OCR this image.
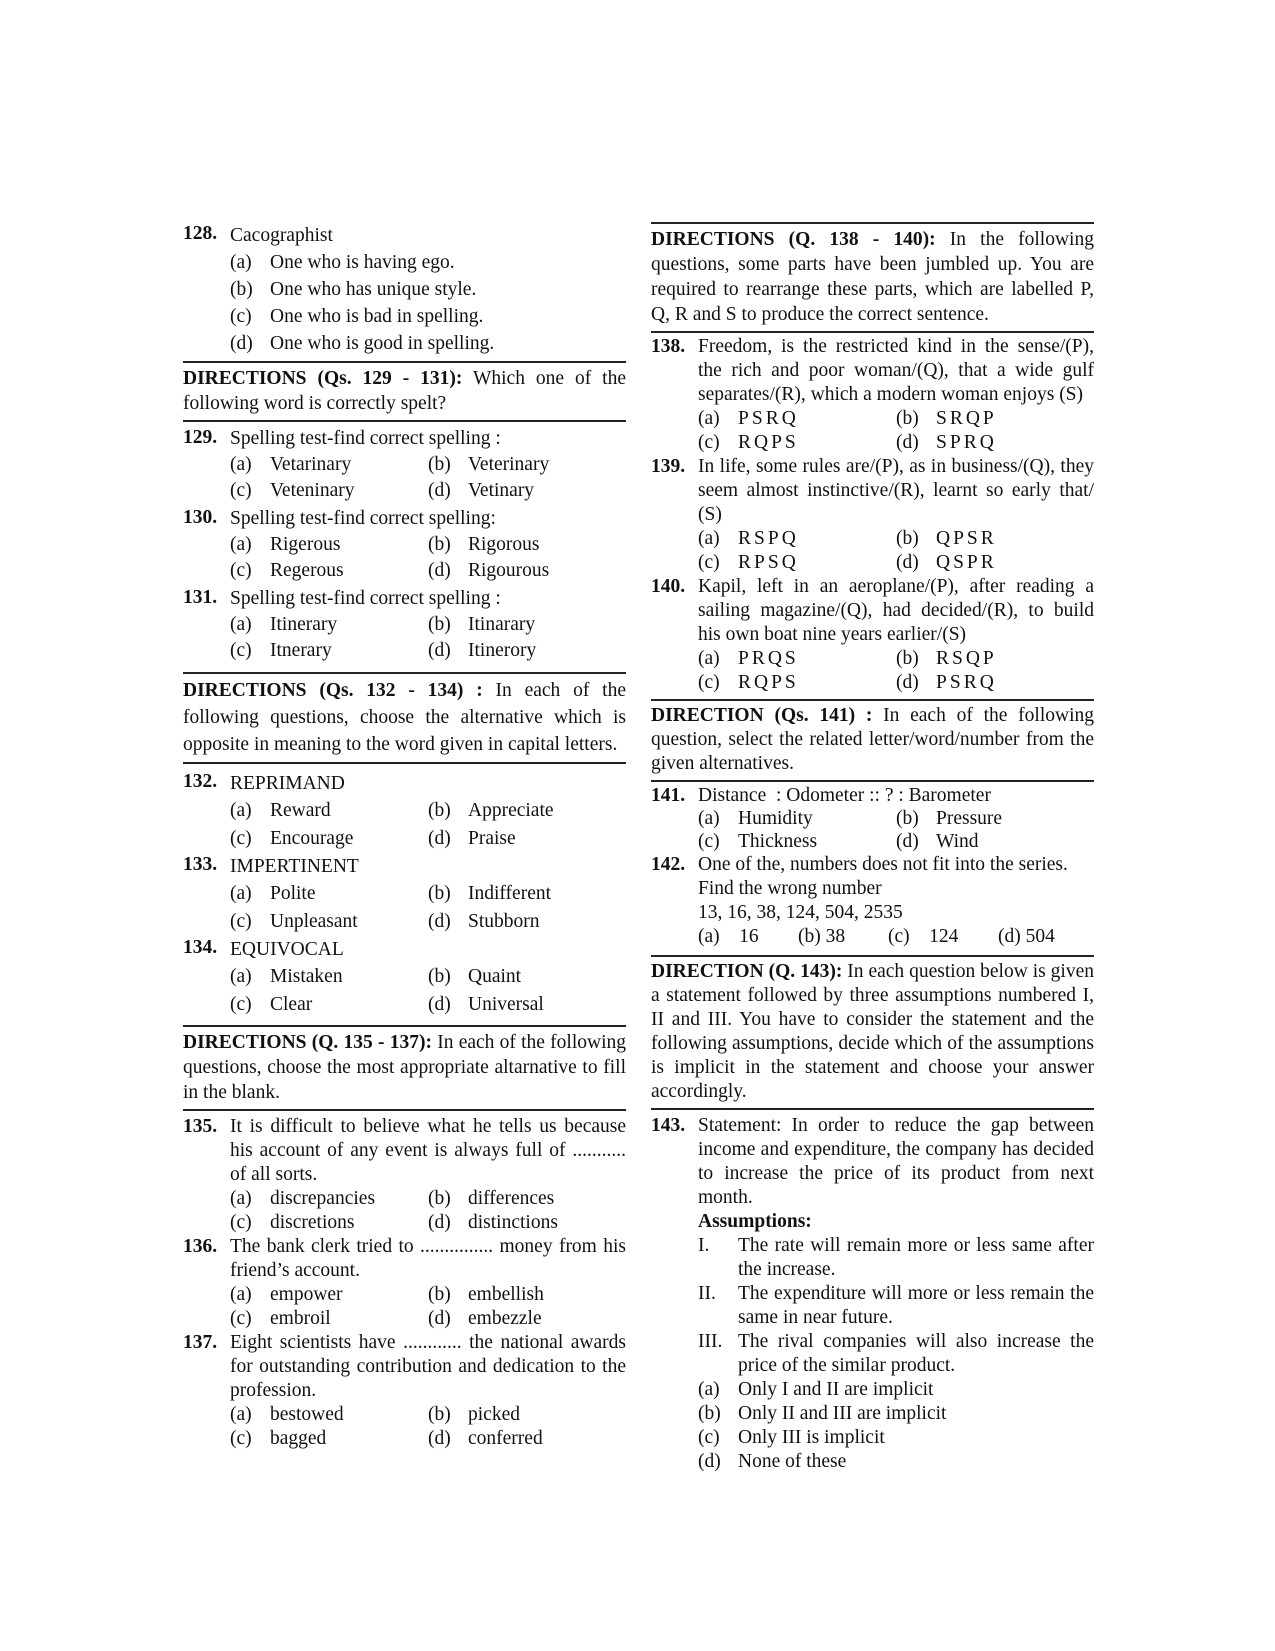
128. Cacographist
(a) One who is having ego.
(b) One who has unique style.
(c) One who is bad in spelling.
(d) One who is good in spelling.
DIRECTIONS (Qs. 129 - 131): Which one of the following word is correctly spelt?
129. Spelling test-find correct spelling :
(a) Vetarinary	(b) Veterinary
(c) Veteninary	(d) Vetinary
130. Spelling test-find correct spelling:
(a) Rigerous	(b) Rigorous
(c) Regerous	(d) Rigourous
131. Spelling test-find correct spelling :
(a) Itinerary	(b) Itinarary
(c) Itnerary	(d) Itinerory
DIRECTIONS (Qs. 132 - 134) : In each of the following questions, choose the alternative which is opposite in meaning to the word given in capital letters.
132. REPRIMAND
(a) Reward	(b) Appreciate
(c) Encourage	(d) Praise
133. IMPERTINENT
(a) Polite	(b) Indifferent
(c) Unpleasant	(d) Stubborn
134. EQUIVOCAL
(a) Mistaken	(b) Quaint
(c) Clear	(d) Universal
DIRECTIONS (Q. 135 - 137): In each of the following questions, choose the most appropriate altarnative to fill in the blank.
135. It is difficult to believe what he tells us because his account of any event is always full of ........... of all sorts.
(a) discrepancies	(b) differences
(c) discretions	(d) distinctions
136. The bank clerk tried to ............... money from his friend’s account.
(a) empower	(b) embellish
(c) embroil	(d) embezzle
137. Eight scientists have ............ the national awards for outstanding contribution and dedication to the profession.
(a) bestowed	(b) picked
(c) bagged	(d) conferred
DIRECTIONS (Q. 138 - 140): In the following questions, some parts have been jumbled up. You are required to rearrange these parts, which are labelled P, Q, R and S to produce the correct sentence.
138. Freedom, is the restricted kind in the sense/(P), the rich and poor woman/(Q), that a wide gulf separates/(R), which a modern woman enjoys (S)
(a) PSRQ	(b) SRQP
(c) RQPS	(d) SPRQ
139. In life, some rules are/(P), as in business/(Q), they seem almost instinctive/(R), learnt so early that/ (S)
(a) RSPQ	(b) QPSR
(c) RPSQ	(d) QSPR
140. Kapil, left in an aeroplane/(P), after reading a sailing magazine/(Q), had decided/(R), to build his own boat nine years earlier/(S)
(a) PRQS	(b) RSQP
(c) RQPS	(d) PSRQ
DIRECTION (Qs. 141) : In each of the following question, select the related letter/word/number from the given alternatives.
141. Distance  : Odometer :: ? : Barometer
(a) Humidity	(b) Pressure
(c) Thickness	(d) Wind
142. One of the, numbers does not fit into the series. Find the wrong number
13, 16, 38, 124, 504, 2535
(a) 16	(b) 38	(c) 124	(d) 504
DIRECTION (Q. 143): In each question below is given a statement followed by three assumptions numbered I, II and III. You have to consider the statement and the following assumptions, decide which of the assumptions is implicit in the statement and choose your answer accordingly.
143. Statement: In order to reduce the gap between income and expenditure, the company has decided to increase the price of its product from next month.
Assumptions:
I. The rate will remain more or less same after the increase.
II. The expenditure will more or less remain the same in near future.
III. The rival companies will also increase the price of the similar product.
(a) Only I and II are implicit
(b) Only II and III are implicit
(c) Only III is implicit
(d) None of these
